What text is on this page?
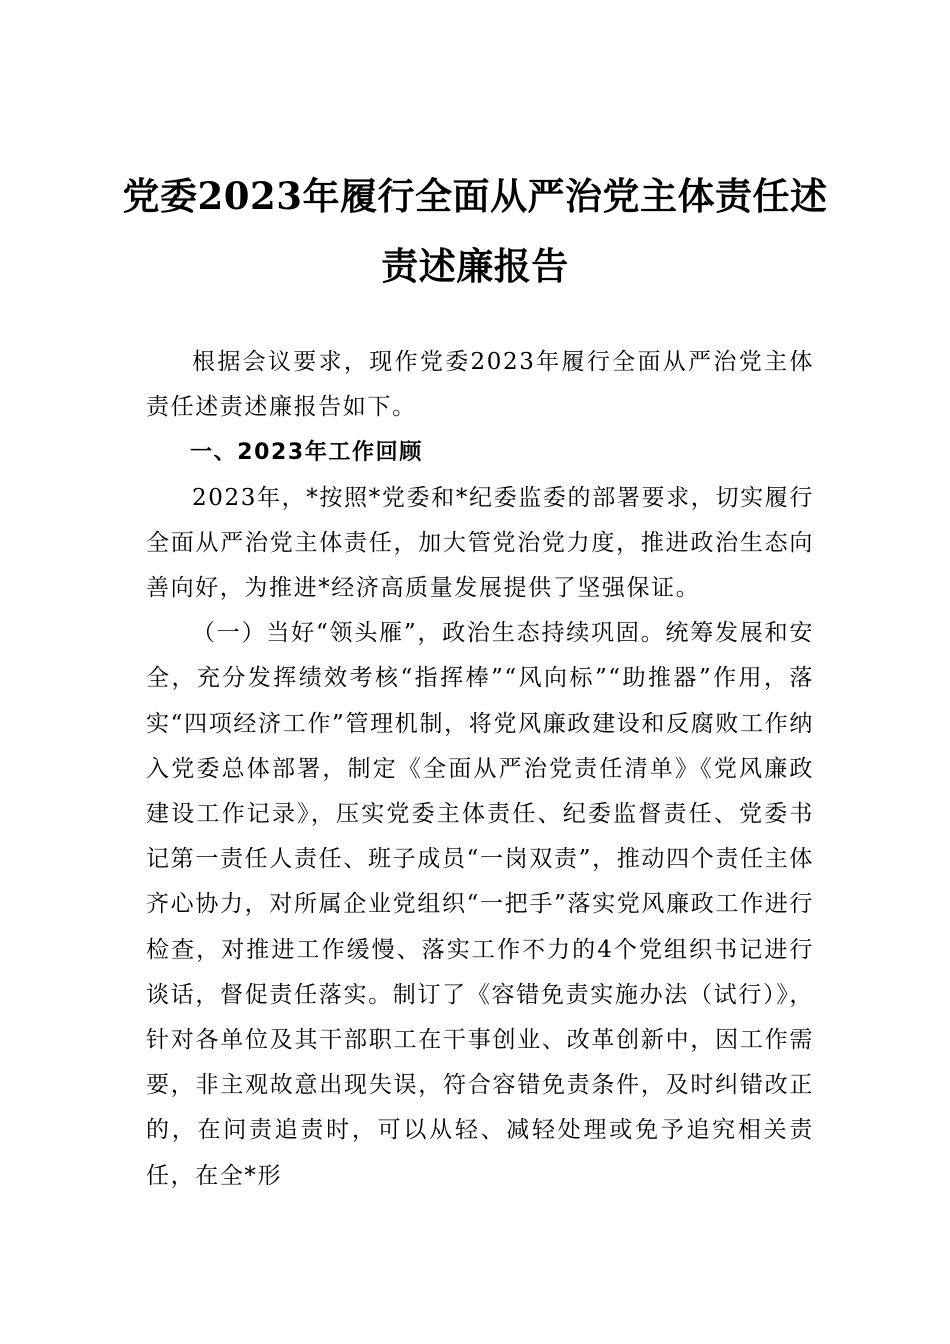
党委2023年履行全面从严治党主体责任述
责述廉报告

根据会议要求，现作党委2023年履行全面从严治党主体责任述责述廉报告如下。

一、2023年工作回顾

2023年，*按照*党委和*纪委监委的部署要求，切实履行全面从严治党主体责任，加大管党治党力度，推进政治生态向善向好，为推进*经济高质量发展提供了坚强保证。

（一）当好“领头雁”，政治生态持续巩固。统筹发展和安全，充分发挥绩效考核“指挥棒”“风向标”“助推器”作用，落实“四项经济工作”管理机制，将党风廉政建设和反腐败工作纳入党委总体部署，制定《全面从严治党责任清单》《党风廉政建设工作记录》，压实党委主体责任、纪委监督责任、党委书记第一责任人责任、班子成员“一岗双责”，推动四个责任主体齐心协力，对所属企业党组织“一把手”落实党风廉政工作进行检查，对推进工作缓慢、落实工作不力的4个党组织书记进行谈话，督促责任落实。制订了《容错免责实施办法（试行）》，针对各单位及其干部职工在干事创业、改革创新中，因工作需要，非主观故意出现失误，符合容错免责条件，及时纠错改正的，在问责追责时，可以从轻、减轻处理或免予追究相关责任，在全*形
